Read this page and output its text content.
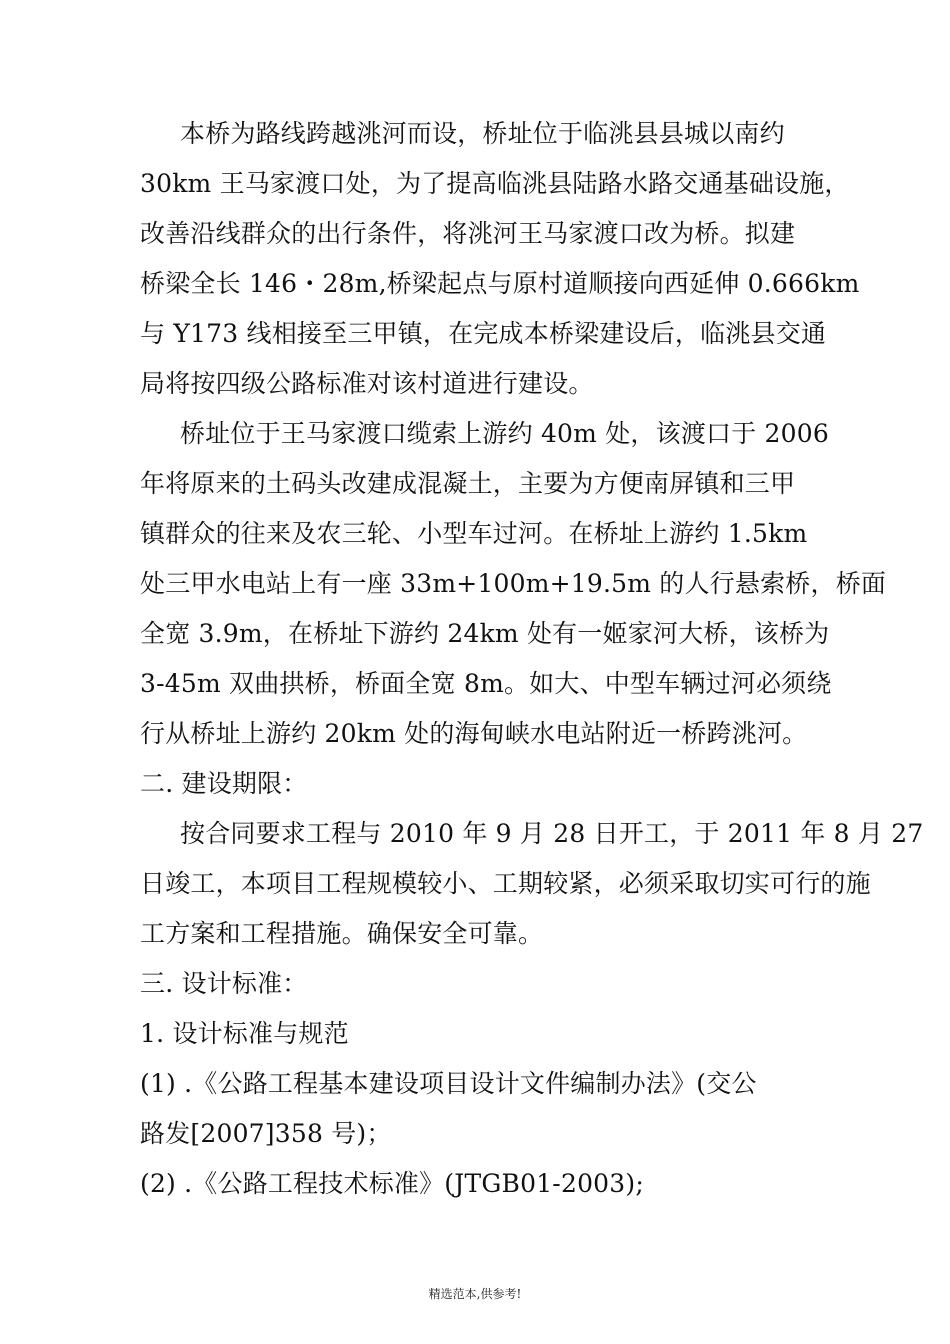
本桥为路线跨越洮河而设，桥址位于临洮县县城以南约
30km 王马家渡口处，为了提高临洮县陆路水路交通基础设施，
改善沿线群众的出行条件，将洮河王马家渡口改为桥。拟建
桥梁全长 146・28m,桥梁起点与原村道顺接向西延伸 0.666km
与 Y173 线相接至三甲镇，在完成本桥梁建设后，临洮县交通
局将按四级公路标准对该村道进行建设。
桥址位于王马家渡口缆索上游约 40m 处，该渡口于 2006
年将原来的土码头改建成混凝土，主要为方便南屏镇和三甲
镇群众的往来及农三轮、小型车过河。在桥址上游约 1.5km
处三甲水电站上有一座 33m+100m+19.5m 的人行悬索桥，桥面
全宽 3.9m，在桥址下游约 24km 处有一姬家河大桥，该桥为
3-45m 双曲拱桥，桥面全宽 8m。如大、中型车辆过河必须绕
行从桥址上游约 20km 处的海甸峡水电站附近一桥跨洮河。
二. 建设期限：
按合同要求工程与 2010 年 9 月 28 日开工，于 2011 年 8 月 27
日竣工，本项目工程规模较小、工期较紧，必须采取切实可行的施
工方案和工程措施。确保安全可靠。
三. 设计标准：
1. 设计标准与规范
(1) .《公路工程基本建设项目设计文件编制办法》(交公
路发[2007]358 号)；
(2) .《公路工程技术标准》(JTGB01-2003);
精选范本,供参考!
